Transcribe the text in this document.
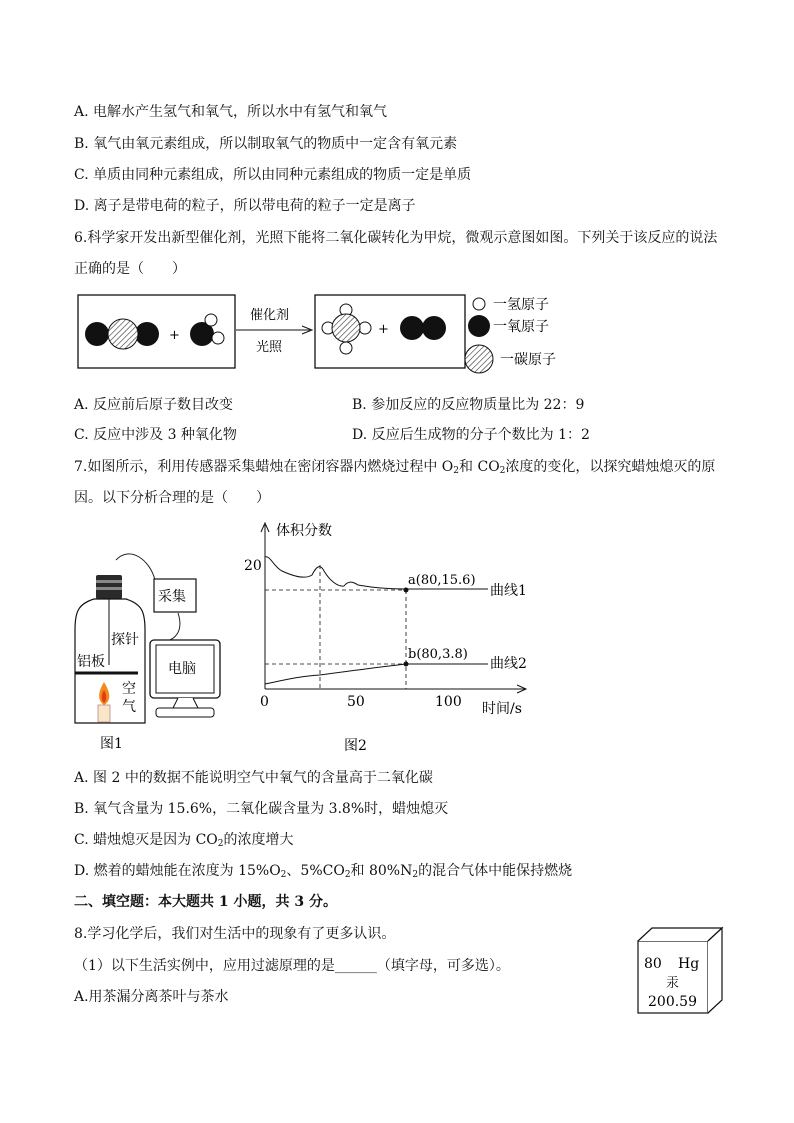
A. 电解水产生氢气和氧气，所以水中有氢气和氧气
B. 氧气由氧元素组成，所以制取氧气的物质中一定含有氧元素
C. 单质由同种元素组成，所以由同种元素组成的物质一定是单质
D. 离子是带电荷的粒子，所以带电荷的粒子一定是离子
6.科学家开发出新型催化剂，光照下能将二氧化碳转化为甲烷，微观示意图如图。下列关于该反应的说法
正确的是（　　）
+
催化剂
光照
+
一氢原子
一氧原子
一碳原子
A. 反应前后原子数目改变	B. 参加反应的反应物质量比为 22：9
C. 反应中涉及 3 种氧化物	D. 反应后生成物的分子个数比为 1：2
7.如图所示，利用传感器采集蜡烛在密闭容器内燃烧过程中 $O_2$和 $CO_2$浓度的变化，以探究蜡烛熄灭的原
因。以下分析合理的是（　　）
采集
探针
铝板
空
气
电脑
图1
体积分数
20
0	50	100 时间/s
a(80,15.6)
b(80,3.8)
曲线1
曲线2
图2
A. 图 2 中的数据不能说明空气中氧气的含量高于二氧化碳
B. 氧气含量为 15.6%，二氧化碳含量为 3.8%时，蜡烛熄灭
C. 蜡烛熄灭是因为 $CO_2$的浓度增大
D. 燃着的蜡烛能在浓度为 $15\%O_2$、$5\%CO_2$和 $80\%N_2$的混合气体中能保持燃烧
二、填空题：本大题共 1 小题，共 3 分。
8.学习化学后，我们对生活中的现象有了更多认识。
（1）以下生活实例中，应用过滤原理的是______（填字母，可多选）。
A.用茶漏分离茶叶与茶水
80 Hg
汞
200.59
